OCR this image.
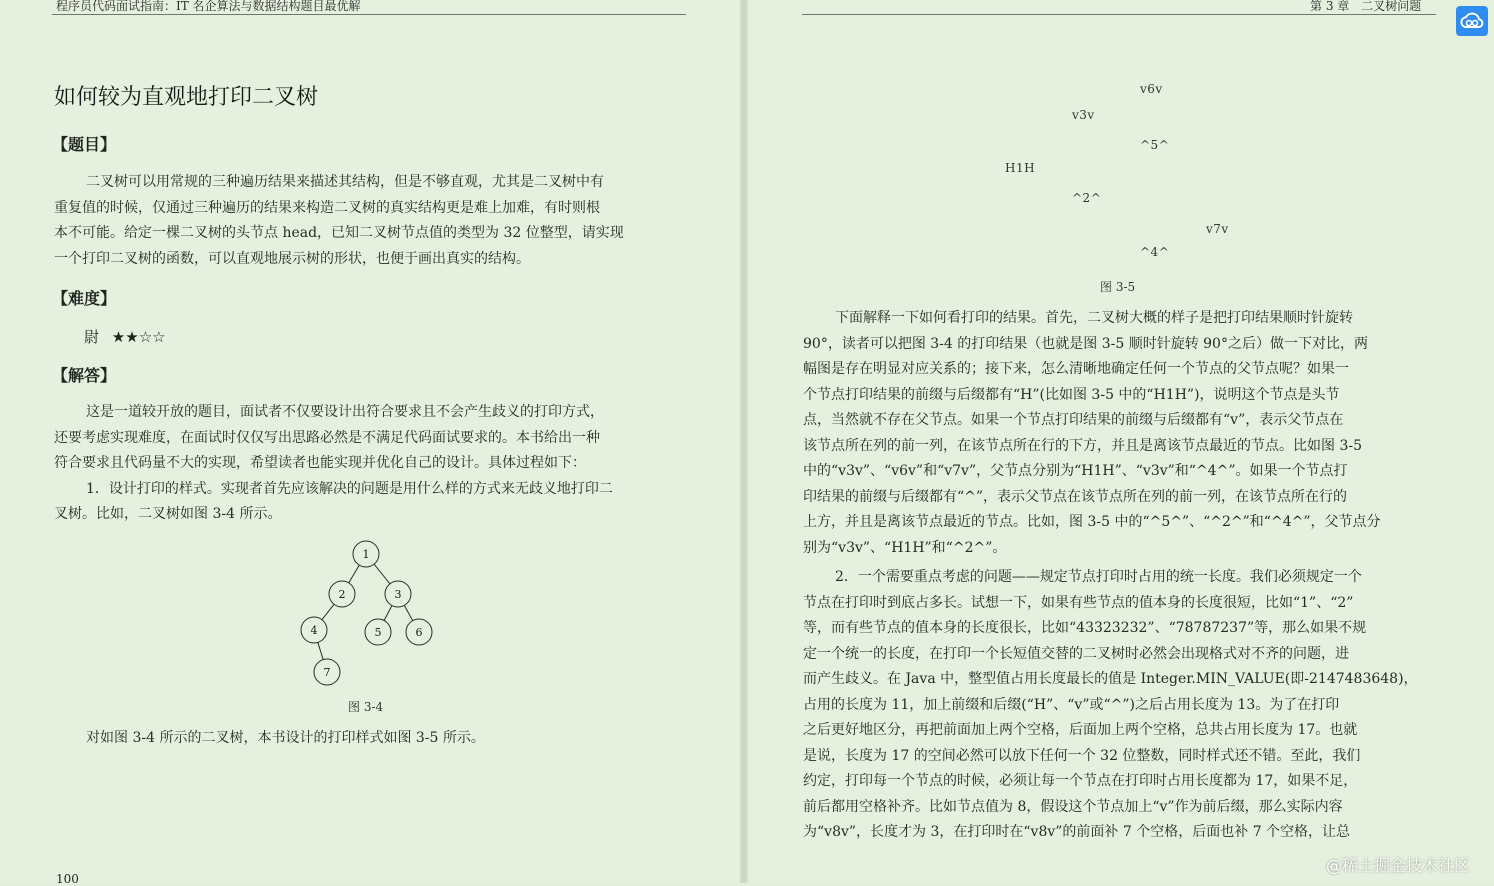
程序员代码面试指南：IT 名企算法与数据结构题目最优解
如何较为直观地打印二叉树
【题目】
二叉树可以用常规的三种遍历结果来描述其结构，但是不够直观，尤其是二叉树中有
重复值的时候，仅通过三种遍历的结果来构造二叉树的真实结构更是难上加难，有时则根
本不可能。给定一棵二叉树的头节点 head，已知二叉树节点值的类型为 32 位整型，请实现
一个打印二叉树的函数，可以直观地展示树的形状，也便于画出真实的结构。
【难度】
尉 ★★☆☆
【解答】
这是一道较开放的题目，面试者不仅要设计出符合要求且不会产生歧义的打印方式，
还要考虑实现难度，在面试时仅仅写出思路必然是不满足代码面试要求的。本书给出一种
符合要求且代码量不大的实现，希望读者也能实现并优化自己的设计。具体过程如下：
1．设计打印的样式。实现者首先应该解决的问题是用什么样的方式来无歧义地打印二
叉树。比如，二叉树如图 3-4 所示。
1
2	3
4	5	6
7
图 3-4
对如图 3-4 所示的二叉树，本书设计的打印样式如图 3-5 所示。
100
第 3 章　二叉树问题
v6v
v3v
^5^
H1H
^2^
v7v
^4^
图 3-5
下面解释一下如何看打印的结果。首先，二叉树大概的样子是把打印结果顺时针旋转
90°，读者可以把图 3-4 的打印结果（也就是图 3-5 顺时针旋转 90°之后）做一下对比，两
幅图是存在明显对应关系的；接下来，怎么清晰地确定任何一个节点的父节点呢？如果一
个节点打印结果的前缀与后缀都有“H”(比如图 3-5 中的“H1H”)，说明这个节点是头节
点，当然就不存在父节点。如果一个节点打印结果的前缀与后缀都有“v”，表示父节点在
该节点所在列的前一列，在该节点所在行的下方，并且是离该节点最近的节点。比如图 3-5
中的“v3v”、“v6v”和“v7v”，父节点分别为“H1H”、“v3v”和“^4^”。如果一个节点打
印结果的前缀与后缀都有“^”，表示父节点在该节点所在列的前一列，在该节点所在行的
上方，并且是离该节点最近的节点。比如，图 3-5 中的“^5^”、“^2^”和“^4^”，父节点分
别为“v3v”、“H1H”和“^2^”。
2．一个需要重点考虑的问题——规定节点打印时占用的统一长度。我们必须规定一个
节点在打印时到底占多长。试想一下，如果有些节点的值本身的长度很短，比如“1”、“2”
等，而有些节点的值本身的长度很长，比如“43323232”、“78787237”等，那么如果不规
定一个统一的长度，在打印一个长短值交替的二叉树时必然会出现格式对不齐的问题，进
而产生歧义。在 Java 中，整型值占用长度最长的值是 Integer.MIN_VALUE(即-2147483648)，
占用的长度为 11，加上前缀和后缀(“H”、“v”或“^”)之后占用长度为 13。为了在打印
之后更好地区分，再把前面加上两个空格，后面加上两个空格，总共占用长度为 17。也就
是说，长度为 17 的空间必然可以放下任何一个 32 位整数，同时样式还不错。至此，我们
约定，打印每一个节点的时候，必须让每一个节点在打印时占用长度都为 17，如果不足，
前后都用空格补齐。比如节点值为 8，假设这个节点加上“v”作为前后缀，那么实际内容
为“v8v”，长度才为 3，在打印时在“v8v”的前面补 7 个空格，后面也补 7 个空格，让总
@稀土掘金技术社区
